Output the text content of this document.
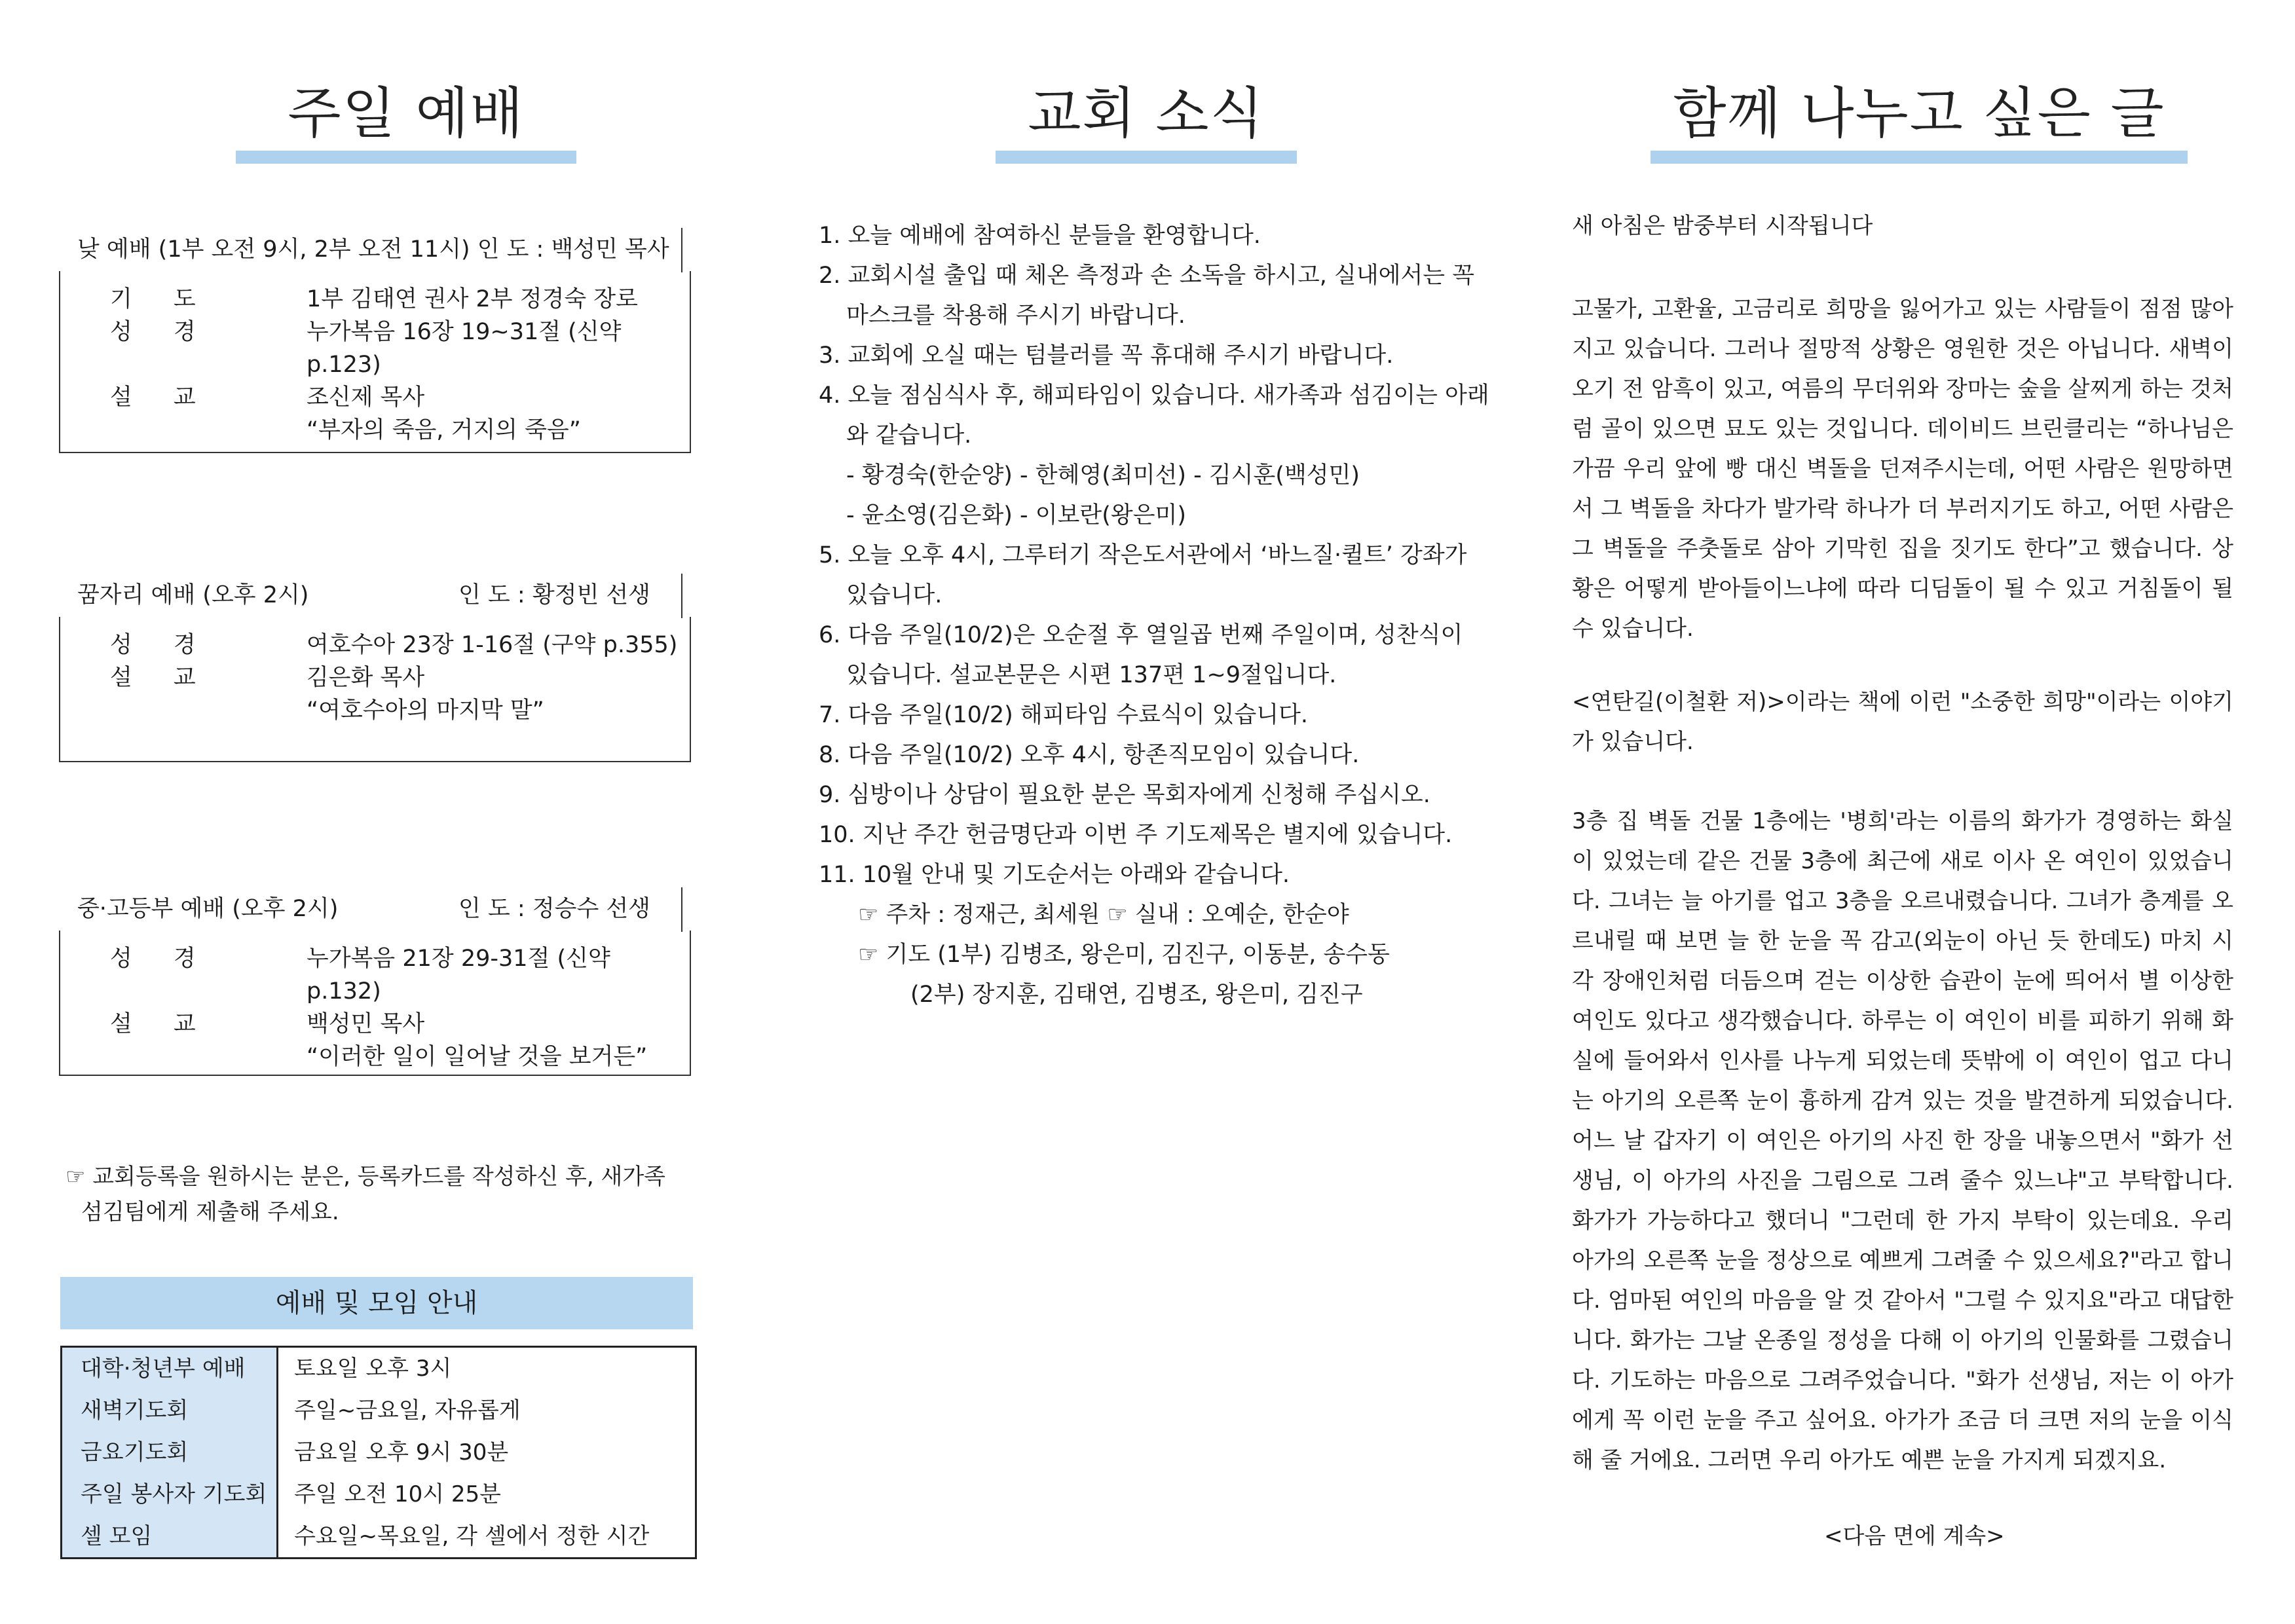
주일 예배
낮 예배 (1부 오전 9시, 2부 오전 11시) 인 도 : 백성민 목사
기 도	1부 김태연 권사 2부 정경숙 장로
성 경	누가복음 16장 19~31절 (신약 p.123)
설 교	조신제 목사
“부자의 죽음, 거지의 죽음”
꿈자리 예배 (오후 2시)	인 도 : 황정빈 선생
성 경	여호수아 23장 1-16절 (구약 p.355)
설 교	김은화 목사
“여호수아의 마지막 말”
중·고등부 예배 (오후 2시)	인 도 : 정승수 선생
성 경	누가복음 21장 29-31절 (신약 p.132)
설 교	백성민 목사
“이러한 일이 일어날 것을 보거든”
☞ 교회등록을 원하시는 분은, 등록카드를 작성하신 후, 새가족
섬김팀에게 제출해 주세요.
예배 및 모임 안내
대학·청년부 예배	토요일 오후 3시
새벽기도회	주일~금요일, 자유롭게
금요기도회	금요일 오후 9시 30분
주일 봉사자 기도회	주일 오전 10시 25분
셀 모임	수요일~목요일, 각 셀에서 정한 시간
교회 소식
1. 오늘 예배에 참여하신 분들을 환영합니다.
2. 교회시설 출입 때 체온 측정과 손 소독을 하시고, 실내에서는 꼭
마스크를 착용해 주시기 바랍니다.
3. 교회에 오실 때는 텀블러를 꼭 휴대해 주시기 바랍니다.
4. 오늘 점심식사 후, 해피타임이 있습니다. 새가족과 섬김이는 아래
와 같습니다.
- 황경숙(한순양) - 한혜영(최미선) - 김시훈(백성민)
- 윤소영(김은화) - 이보란(왕은미)
5. 오늘 오후 4시, 그루터기 작은도서관에서 ‘바느질·퀼트’ 강좌가
있습니다.
6. 다음 주일(10/2)은 오순절 후 열일곱 번째 주일이며, 성찬식이
있습니다. 설교본문은 시편 137편 1~9절입니다.
7. 다음 주일(10/2) 해피타임 수료식이 있습니다.
8. 다음 주일(10/2) 오후 4시, 항존직모임이 있습니다.
9. 심방이나 상담이 필요한 분은 목회자에게 신청해 주십시오.
10. 지난 주간 헌금명단과 이번 주 기도제목은 별지에 있습니다.
11. 10월 안내 및 기도순서는 아래와 같습니다.
☞ 주차 : 정재근, 최세원 ☞ 실내 : 오예순, 한순야
☞ 기도 (1부) 김병조, 왕은미, 김진구, 이동분, 송수동
(2부) 장지훈, 김태연, 김병조, 왕은미, 김진구
함께 나누고 싶은 글
새 아침은 밤중부터 시작됩니다
고물가, 고환율, 고금리로 희망을 잃어가고 있는 사람들이 점점 많아지고 있습니다. 그러나 절망적 상황은 영원한 것은 아닙니다. 새벽이 오기 전 암흑이 있고, 여름의 무더위와 장마는 숲을 살찌게 하는 것처럼 골이 있으면 묘도 있는 것입니다. 데이비드 브린클리는 “하나님은 가끔 우리 앞에 빵 대신 벽돌을 던져주시는데, 어떤 사람은 원망하면서 그 벽돌을 차다가 발가락 하나가 더 부러지기도 하고, 어떤 사람은 그 벽돌을 주춧돌로 삼아 기막힌 집을 짓기도 한다”고 했습니다. 상황은 어떻게 받아들이느냐에 따라 디딤돌이 될 수 있고 거침돌이 될 수 있습니다.
<연탄길(이철환 저)>이라는 책에 이런 "소중한 희망"이라는 이야기가 있습니다.
3층 집 벽돌 건물 1층에는 '병희'라는 이름의 화가가 경영하는 화실이 있었는데 같은 건물 3층에 최근에 새로 이사 온 여인이 있었습니다. 그녀는 늘 아기를 업고 3층을 오르내렸습니다. 그녀가 층계를 오르내릴 때 보면 늘 한 눈을 꼭 감고(외눈이 아닌 듯 한데도) 마치 시각 장애인처럼 더듬으며 걷는 이상한 습관이 눈에 띄어서 별 이상한 여인도 있다고 생각했습니다. 하루는 이 여인이 비를 피하기 위해 화실에 들어와서 인사를 나누게 되었는데 뜻밖에 이 여인이 업고 다니는 아기의 오른쪽 눈이 흉하게 감겨 있는 것을 발견하게 되었습니다. 어느 날 갑자기 이 여인은 아기의 사진 한 장을 내놓으면서 "화가 선생님, 이 아가의 사진을 그림으로 그려 줄수 있느냐"고 부탁합니다. 화가가 가능하다고 했더니 "그런데 한 가지 부탁이 있는데요. 우리 아가의 오른쪽 눈을 정상으로 예쁘게 그려줄 수 있으세요?"라고 합니다. 엄마된 여인의 마음을 알 것 같아서 "그럴 수 있지요"라고 대답한니다. 화가는 그날 온종일 정성을 다해 이 아기의 인물화를 그렸습니다. 기도하는 마음으로 그려주었습니다. "화가 선생님, 저는 이 아가에게 꼭 이런 눈을 주고 싶어요. 아가가 조금 더 크면 저의 눈을 이식해 줄 거에요. 그러면 우리 아가도 예쁜 눈을 가지게 되겠지요.
<다음 면에 계속>
